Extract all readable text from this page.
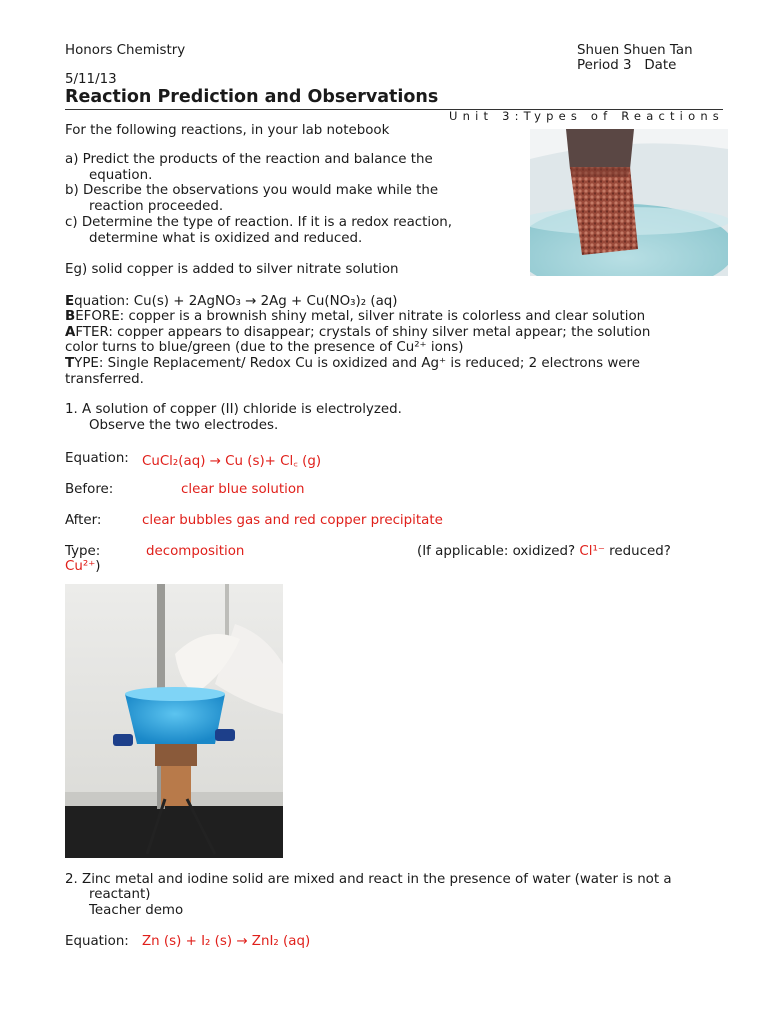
Honors Chemistry	Shuen Shuen Tan
Period 3 Date
5/11/13
Reaction Prediction and Observations
Unit 3:Types of Reactions
For the following reactions, in your lab notebook
a) Predict the products of the reaction and balance the
equation.
b) Describe the observations you would make while the
reaction proceeded.
c) Determine the type of reaction. If it is a redox reaction,
determine what is oxidized and reduced.
Eg) solid copper is added to silver nitrate solution
Equation: Cu(s) + 2AgNO₃ → 2Ag + Cu(NO₃)₂ (aq)
BEFORE: copper is a brownish shiny metal, silver nitrate is colorless and clear solution
AFTER: copper appears to disappear; crystals of shiny silver metal appear; the solution
color turns to blue/green (due to the presence of Cu²⁺ ions)
TYPE: Single Replacement/ Redox Cu is oxidized and Ag⁺ is reduced; 2 electrons were
transferred.
1. A solution of copper (II) chloride is electrolyzed.
Observe the two electrodes.
Equation: CuCl₂(aq) → Cu (s)+ Cl꜀ (g)
Before:	clear blue solution
After:	clear bubbles gas and red copper precipitate
Type:	decomposition	(If applicable: oxidized? Cl¹⁻ reduced?
Cu²⁺)
2. Zinc metal and iodine solid are mixed and react in the presence of water (water is not a
reactant)
Teacher demo
Equation: Zn (s) + I₂ (s) → ZnI₂ (aq)
